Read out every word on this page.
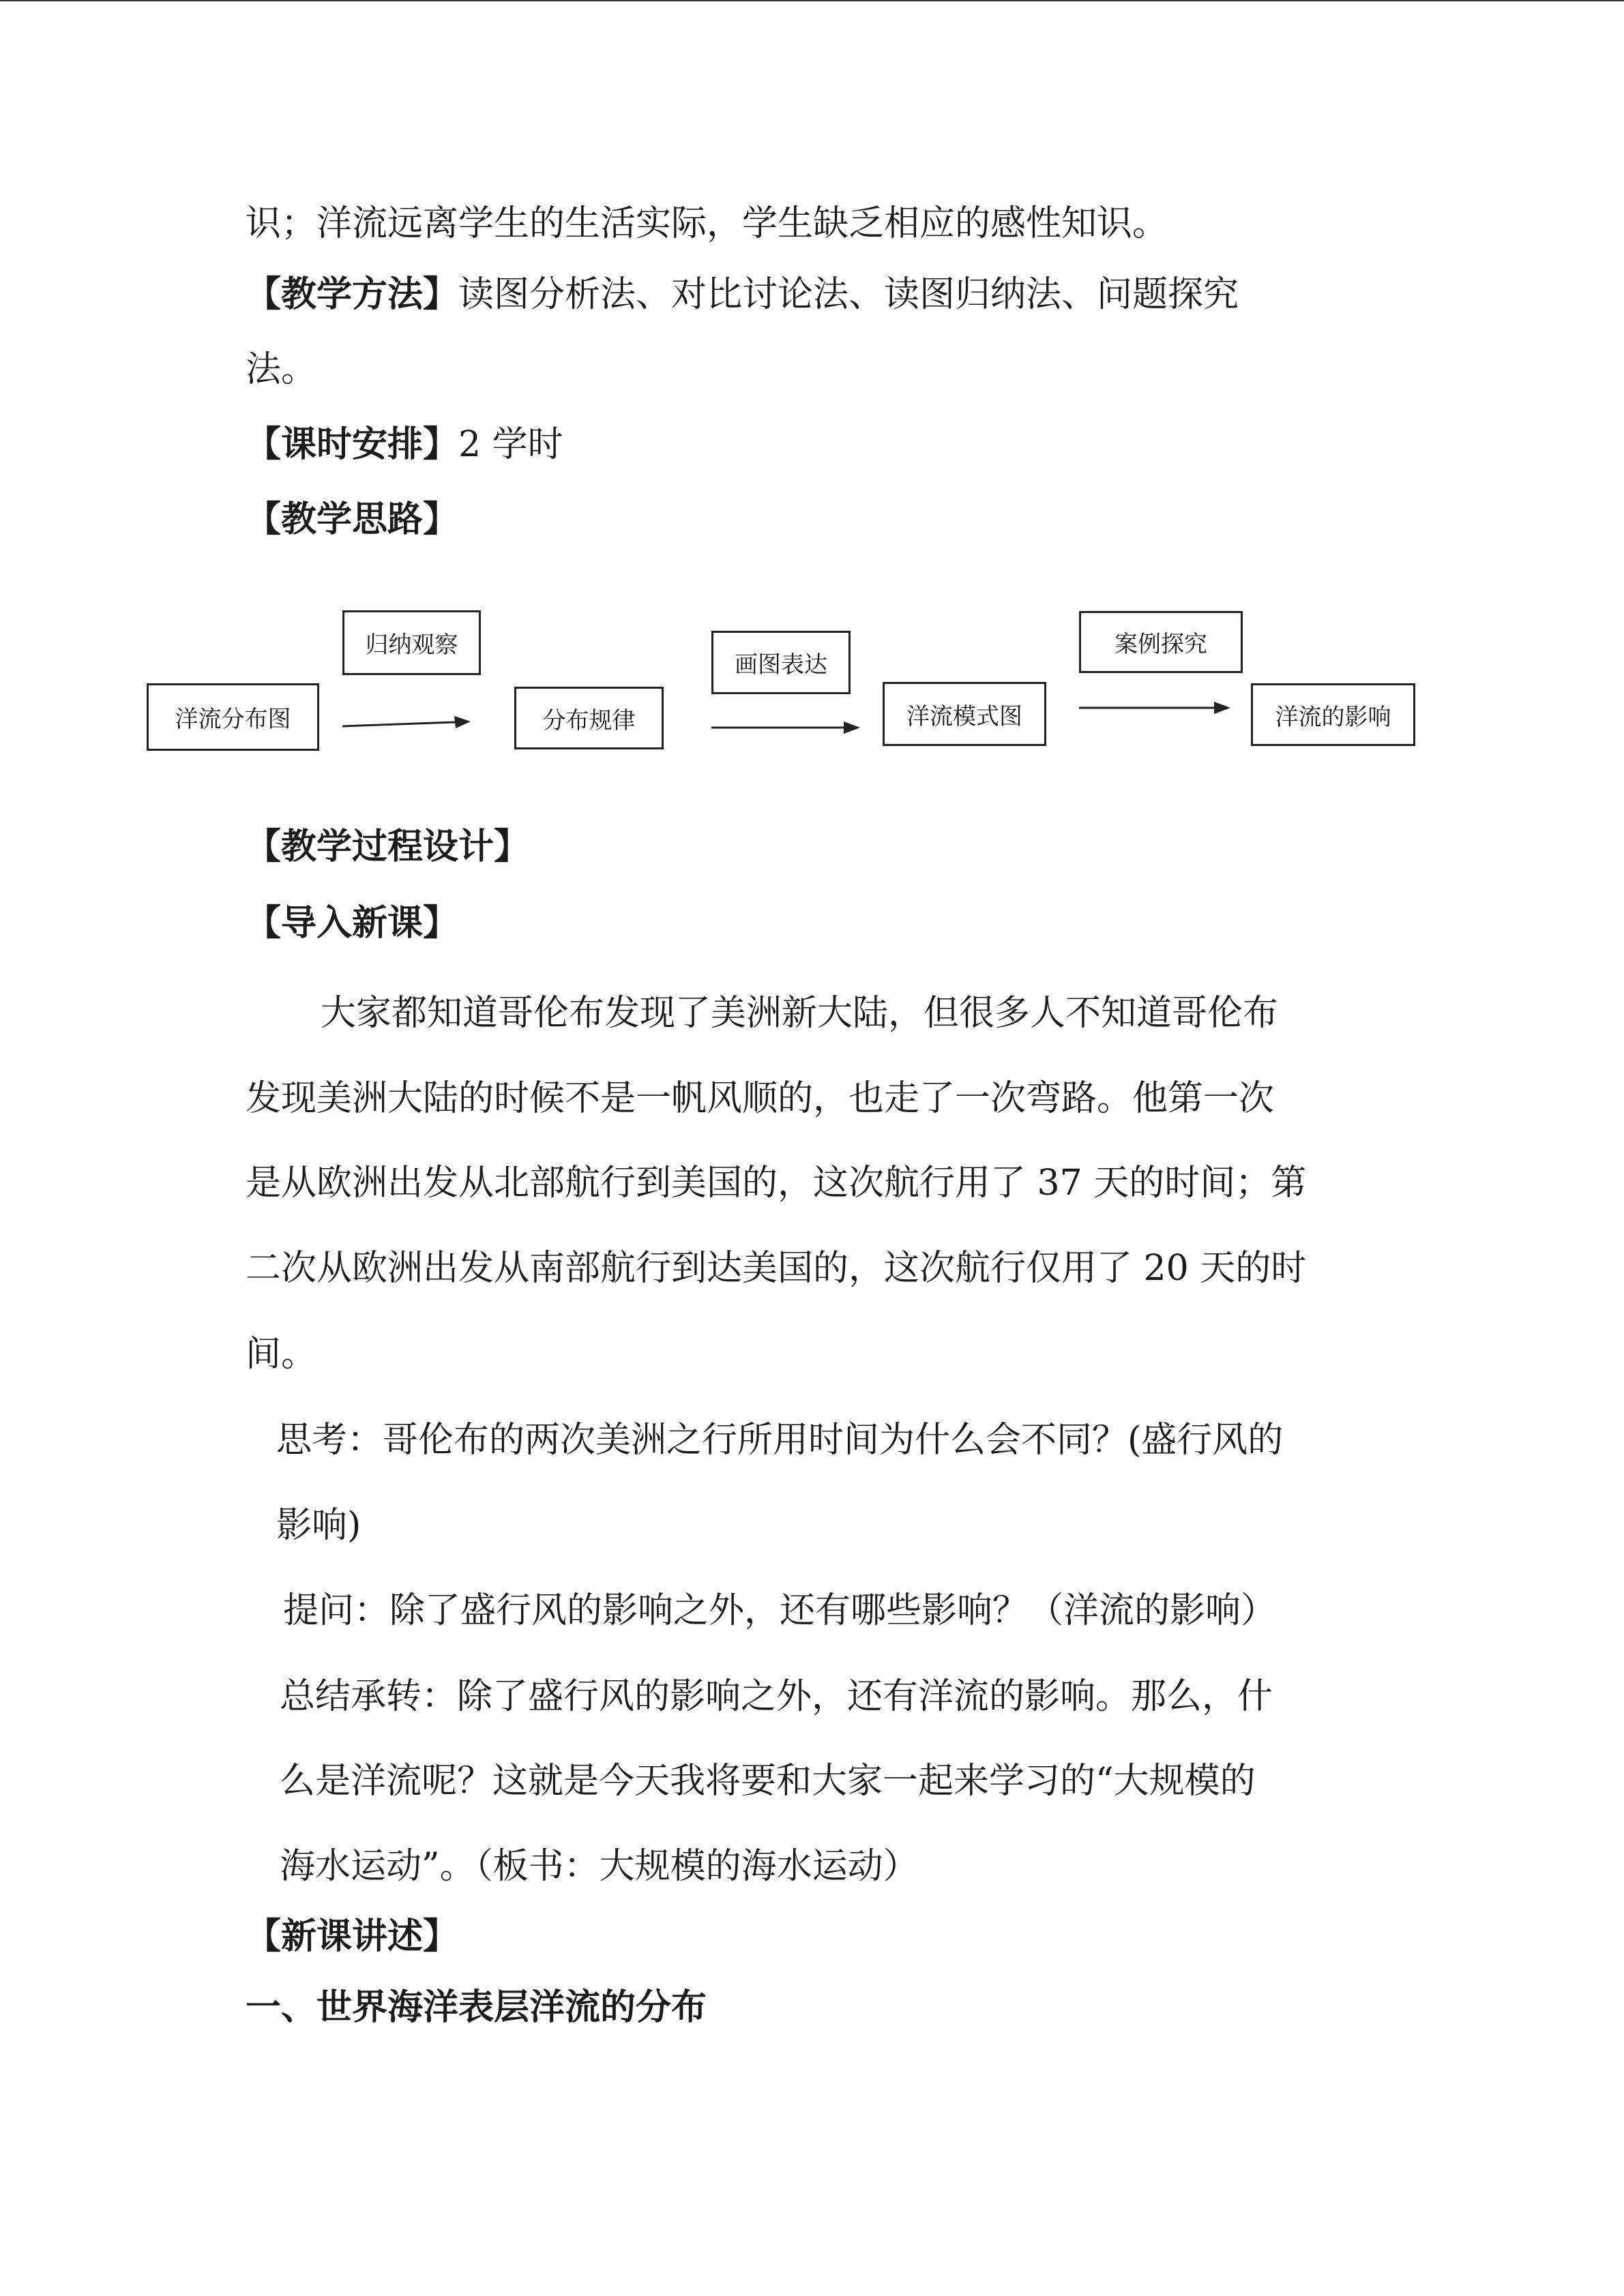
识；洋流远离学生的生活实际，学生缺乏相应的感性知识。
【教学方法】读图分析法、对比讨论法、读图归纳法、问题探究
法。
【课时安排】2 学时
【教学思路】
洋流分布图
归纳观察
分布规律
画图表达
洋流模式图
案例探究
洋流的影响
【教学过程设计】
【导入新课】
大家都知道哥伦布发现了美洲新大陆，但很多人不知道哥伦布
发现美洲大陆的时候不是一帆风顺的，也走了一次弯路。他第一次
是从欧洲出发从北部航行到美国的，这次航行用了 37 天的时间；第
二次从欧洲出发从南部航行到达美国的，这次航行仅用了 20 天的时
间。
思考：哥伦布的两次美洲之行所用时间为什么会不同？(盛行风的
影响)
提问：除了盛行风的影响之外，还有哪些影响？（洋流的影响）
总结承转：除了盛行风的影响之外，还有洋流的影响。那么，什
么是洋流呢？这就是今天我将要和大家一起来学习的“大规模的
海水运动”。（板书：大规模的海水运动）
【新课讲述】
一、世界海洋表层洋流的分布
